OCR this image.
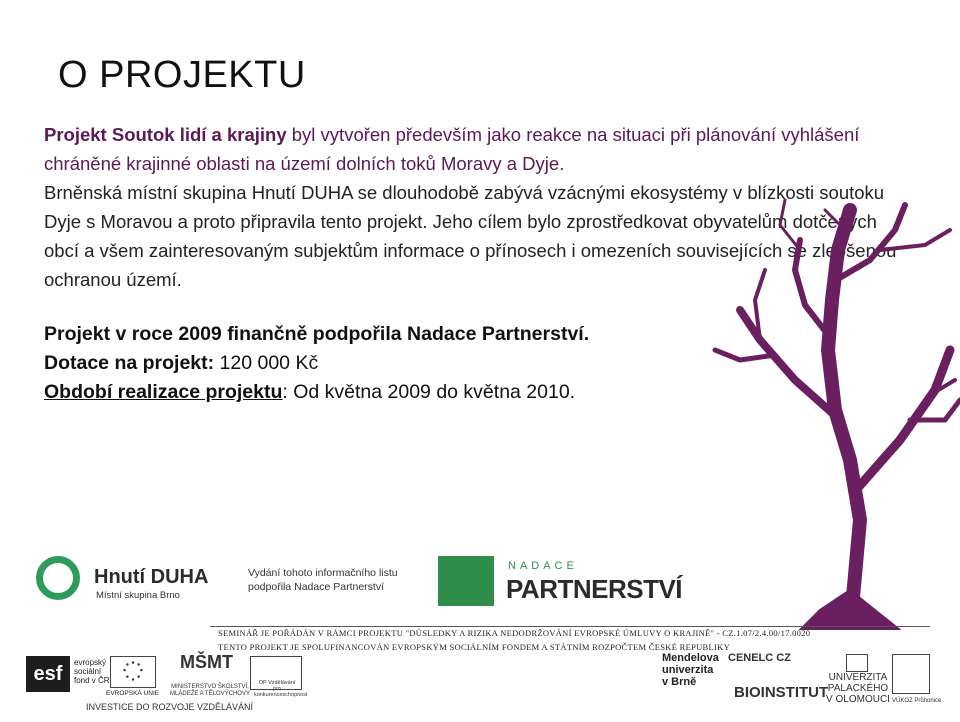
O PROJEKTU

Projekt Soutok lidí a krajiny byl vytvořen především jako reakce na situaci při plánování vyhlášení chráněné krajinné oblasti na území dolních toků Moravy a Dyje.

Brněnská místní skupina Hnutí DUHA se dlouhodobě zabývá vzácnými ekosystémy v blízkosti soutoku Dyje s Moravou a proto připravila tento projekt. Jeho cílem bylo zprostředkovat obyvatelům dotčených obcí a všem zainteresovaným subjektům informace o přínosech i omezeních souvisejících se zlepšenou ochranou území.

Projekt v roce 2009 finančně podpořila Nadace Partnerství.
Dotace na projekt: 120 000 Kč
Období realizace projektu: Od května 2009 do května 2010.
Hnutí DUHA
Místní skupina Brno
Vydání tohoto informačního listu
podpořila Nadace Partnerství
NADACE
PARTNERSTVÍ
SEMINÁŘ JE POŘÁDÁN V RÁMCI PROJEKTU "DŮSLEDKY A RIZIKA NEDODRŽOVÁNÍ EVROPSKÉ ÚMLUVY O KRAJINĚ" - CZ.1.07/2.4.00/17.0020
TENTO PROJEKT JE SPOLUFINANCOVÁN EVROPSKÝM SOCIÁLNÍM FONDEM A STÁTNÍM ROZPOČTEM ČESKÉ REPUBLIKY
esf
evropský
sociální
fond v ČR
EVROPSKÁ UNIE
MŠMT
MINISTERSTVO ŠKOLSTVÍ, MLÁDEŽE A TĚLOVÝCHOVY
OP Vzdělávání pro konkurenceschopnost
INVESTICE DO ROZVOJE VZDĚLÁVÁNÍ
Mendelova
univerzita
v Brně
CENELC CZ
BIOINSTITUT
UNIVERZITA
PALACKÉHO
V OLOMOUCI VÚKOZ Průhonice
